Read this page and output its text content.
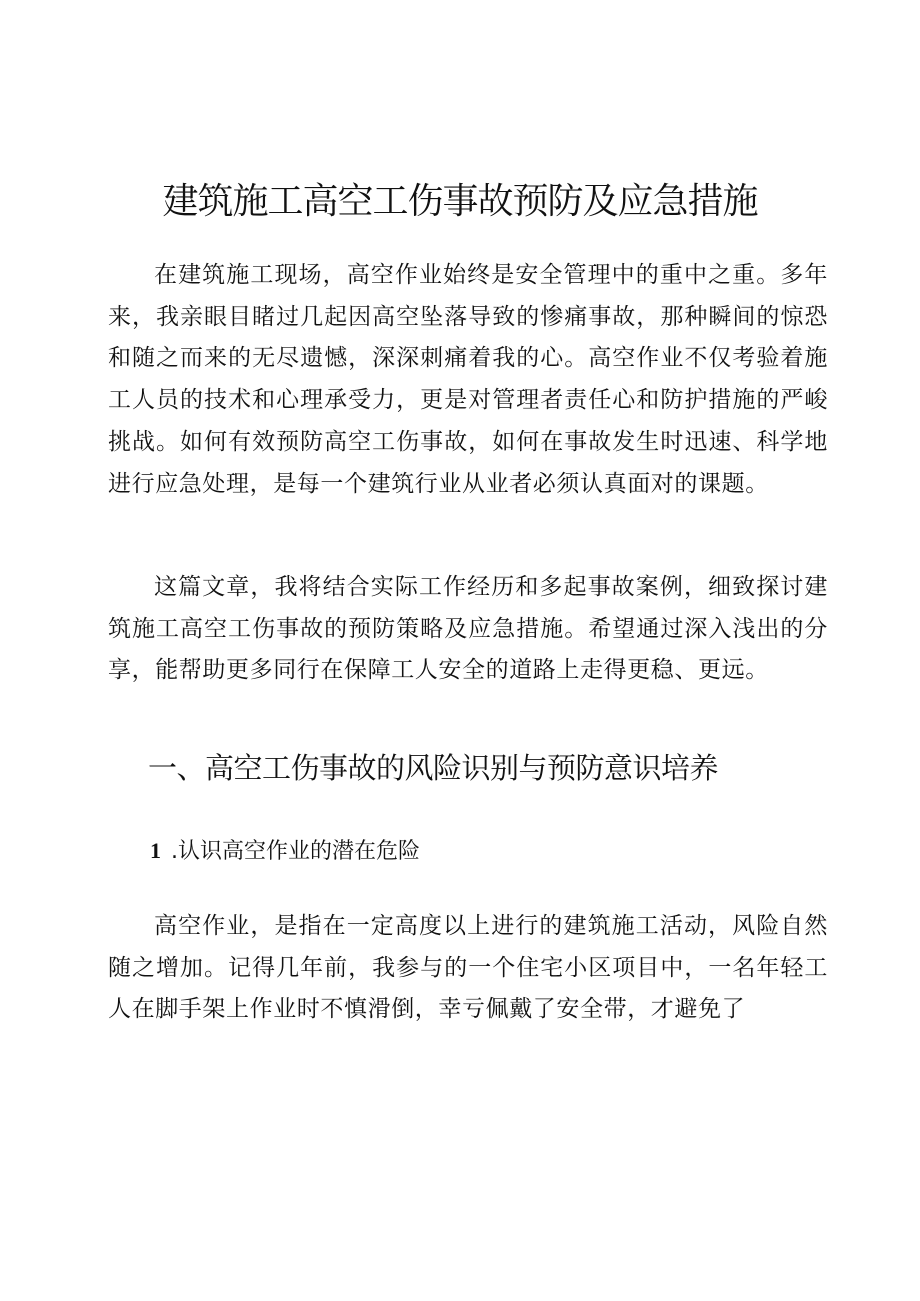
建筑施工高空工伤事故预防及应急措施

在建筑施工现场，高空作业始终是安全管理中的重中之重。多年来，我亲眼目睹过几起因高空坠落导致的惨痛事故，那种瞬间的惊恐和随之而来的无尽遗憾，深深刺痛着我的心。高空作业不仅考验着施工人员的技术和心理承受力，更是对管理者责任心和防护措施的严峻挑战。如何有效预防高空工伤事故，如何在事故发生时迅速、科学地进行应急处理，是每一个建筑行业从业者必须认真面对的课题。

这篇文章，我将结合实际工作经历和多起事故案例，细致探讨建筑施工高空工伤事故的预防策略及应急措施。希望通过深入浅出的分享，能帮助更多同行在保障工人安全的道路上走得更稳、更远。

一、高空工伤事故的风险识别与预防意识培养
1 .认识高空作业的潜在危险

高空作业，是指在一定高度以上进行的建筑施工活动，风险自然随之增加。记得几年前，我参与的一个住宅小区项目中，一名年轻工人在脚手架上作业时不慎滑倒，幸亏佩戴了安全带，才避免了
